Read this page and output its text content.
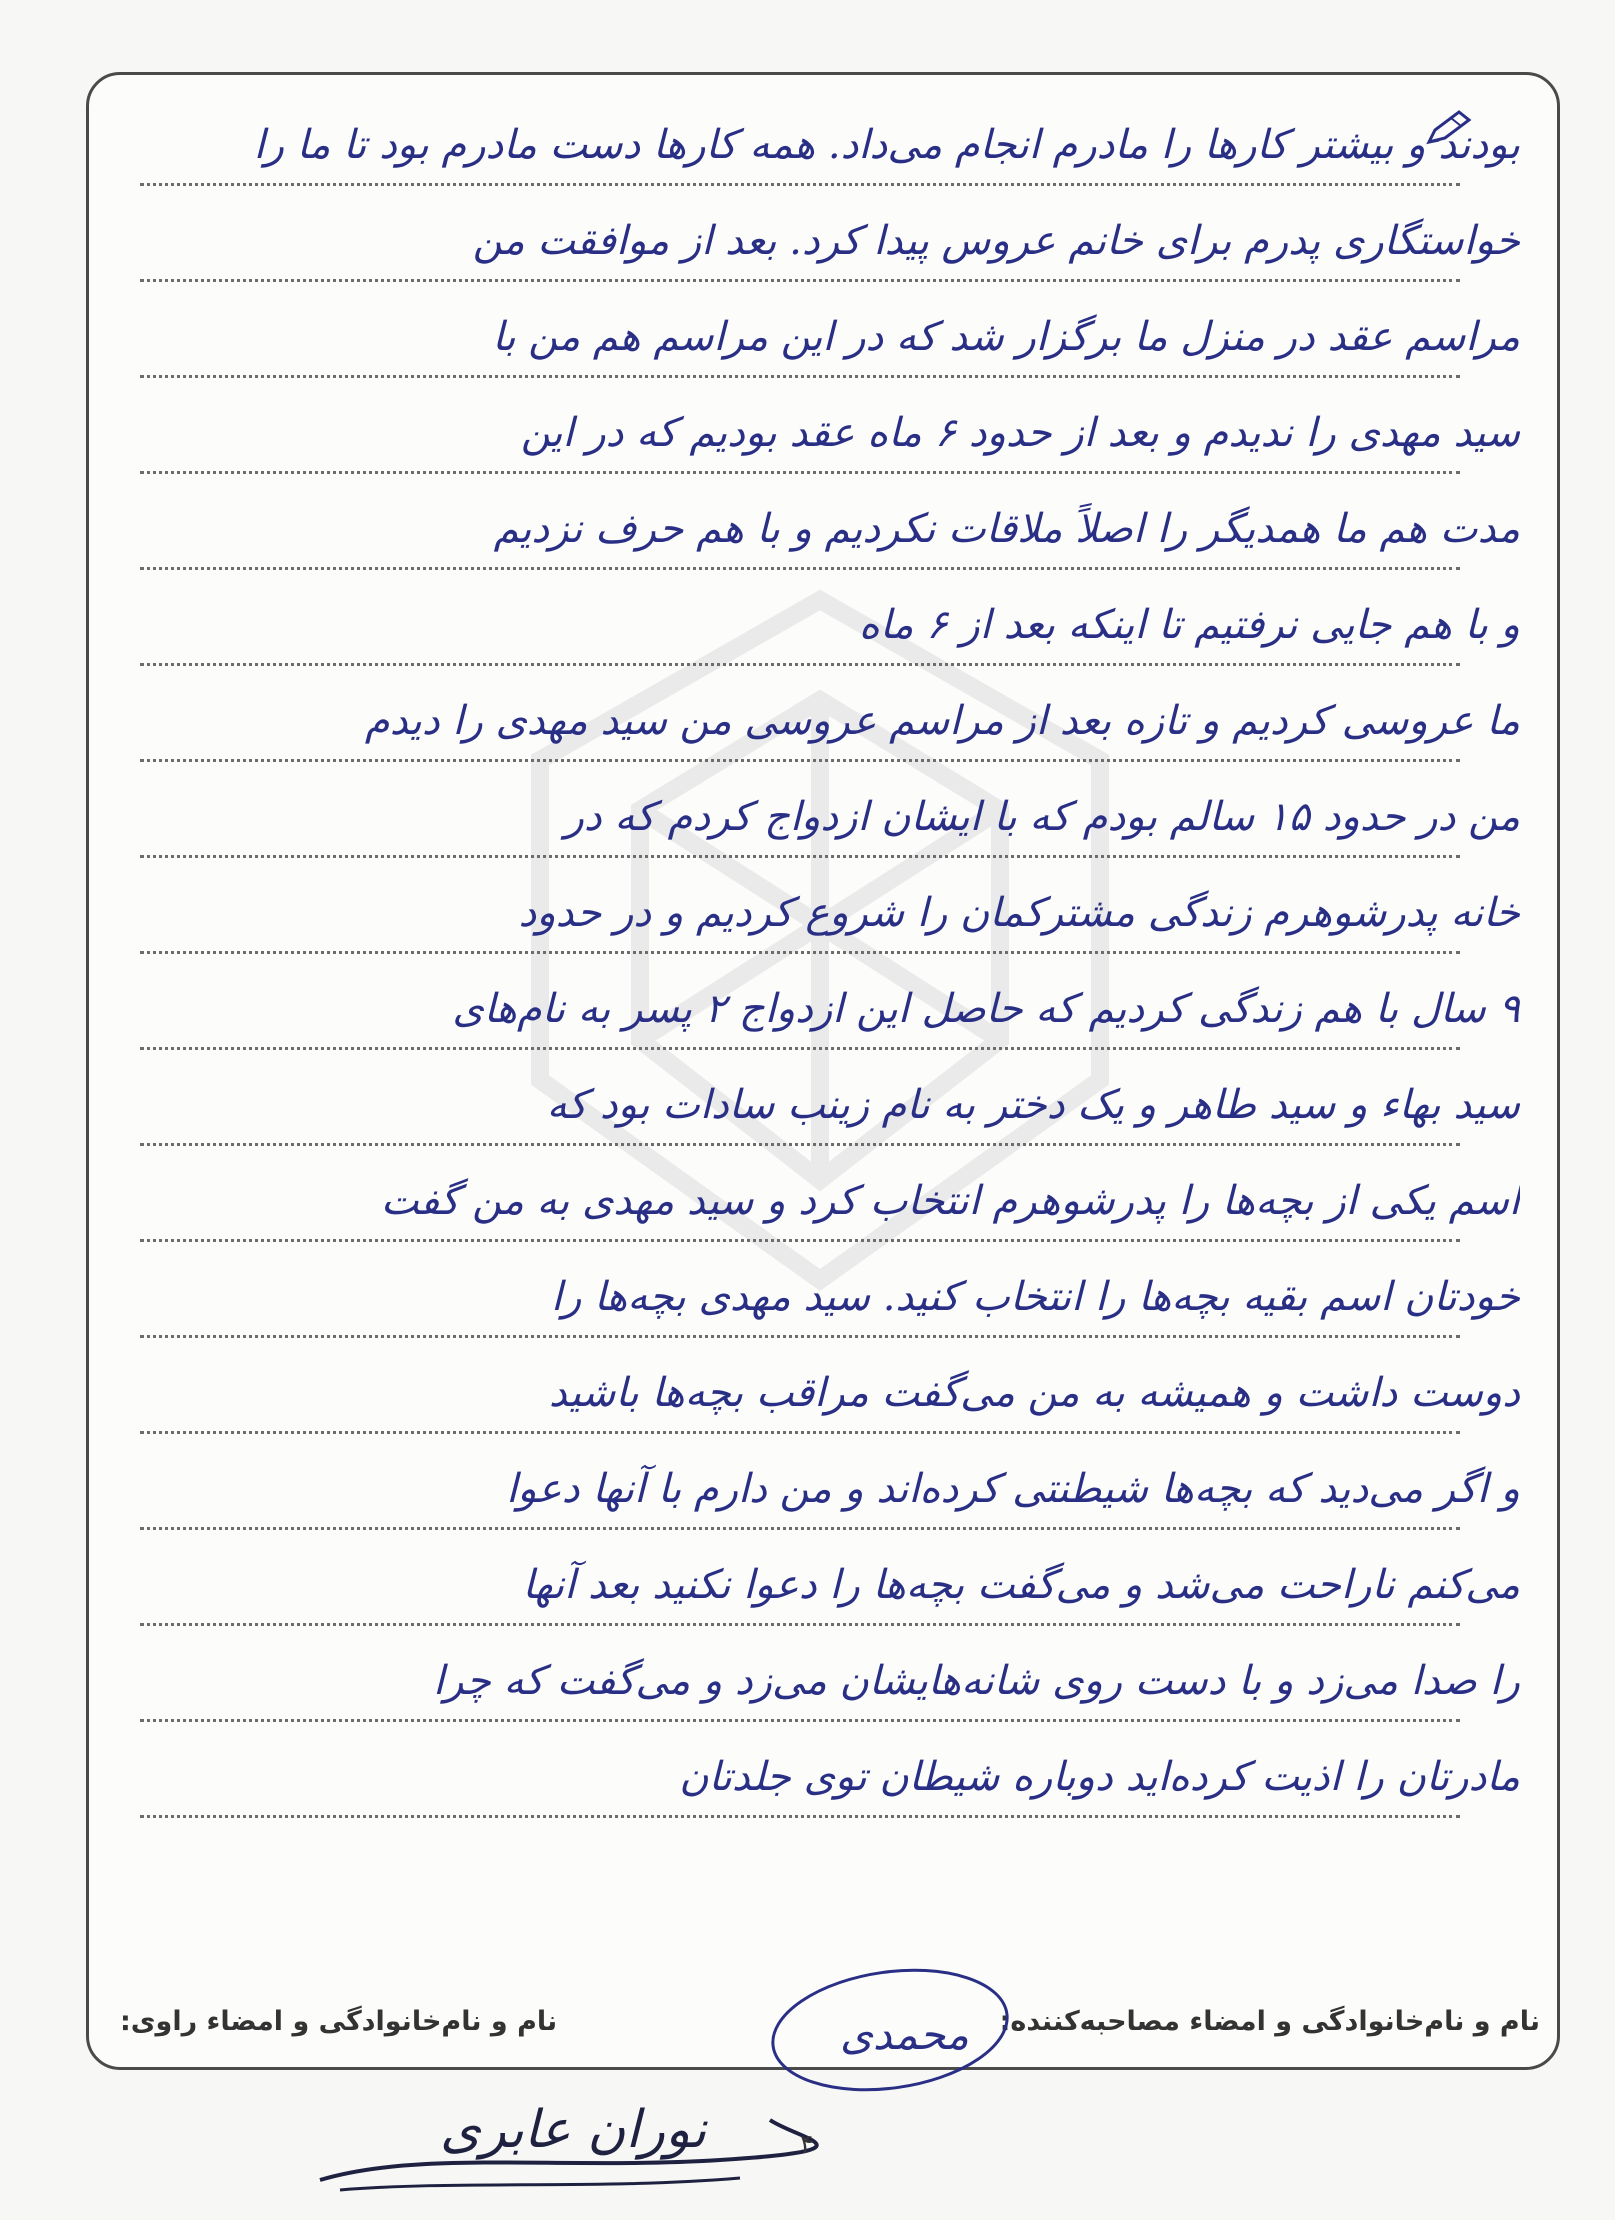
بودند و بیشتر کارها را مادرم انجام می‌داد. همه کارها دست مادرم بود تا ما را
خواستگاری پدرم برای خانم عروس پیدا کرد. بعد از موافقت من
مراسم عقد در منزل ما برگزار شد که در این مراسم هم من با
سید مهدی را ندیدم و بعد از حدود ۶ ماه عقد بودیم که در این
مدت هم ما همدیگر را اصلاً ملاقات نکردیم و با هم حرف نزدیم
و با هم جایی نرفتیم تا اینکه بعد از ۶ ماه
ما عروسی کردیم و تازه بعد از مراسم عروسی من سید مهدی را دیدم
من در حدود ۱۵ سالم بودم که با ایشان ازدواج کردم که در
خانه پدرشوهرم زندگی مشترکمان را شروع کردیم و در حدود
۹ سال با هم زندگی کردیم که حاصل این ازدواج ۲ پسر به نام‌های
سید بهاء و سید طاهر و یک دختر به نام زینب سادات بود که
اسم یکی از بچه‌ها را پدرشوهرم انتخاب کرد و سید مهدی به من گفت
خودتان اسم بقیه بچه‌ها را انتخاب کنید. سید مهدی بچه‌ها را
دوست داشت و همیشه به من می‌گفت مراقب بچه‌ها باشید
و اگر می‌دید که بچه‌ها شیطنتی کرده‌اند و من دارم با آنها دعوا
می‌کنم ناراحت می‌شد و می‌گفت بچه‌ها را دعوا نکنید بعد آنها
را صدا می‌زد و با دست روی شانه‌هایشان می‌زد و می‌گفت که چرا
مادرتان را اذیت کرده‌اید دوباره شیطان توی جلدتان
نام و نام‌خانوادگی و امضاء مصاحبه‌کننده:
نام و نام‌خانوادگی و امضاء راوی:	محمدی
نوران عابری	۴
